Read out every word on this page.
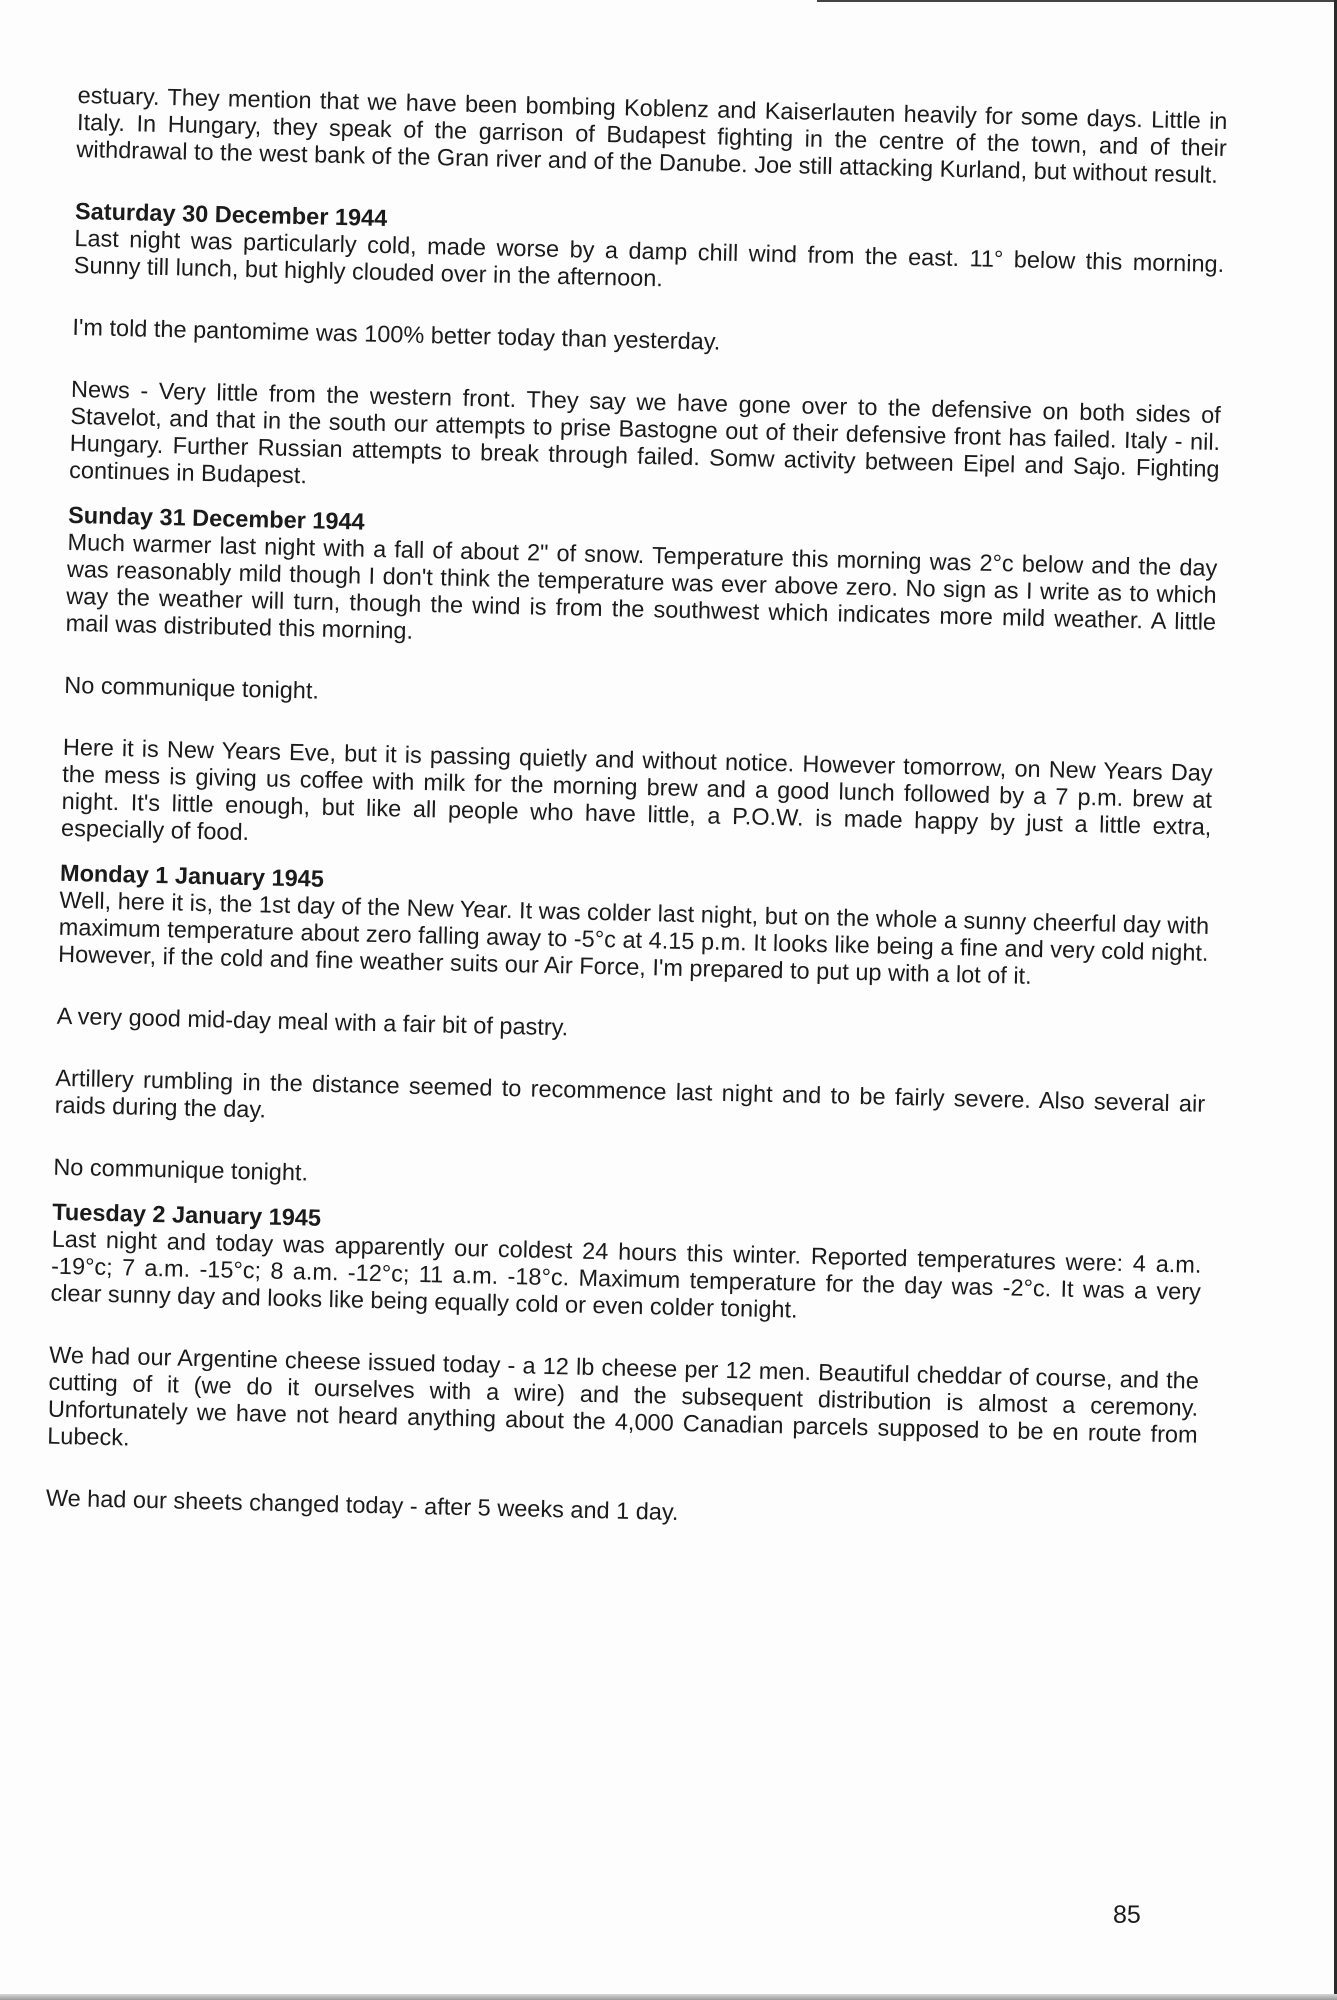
estuary. They mention that we have been bombing Koblenz and Kaiserlauten heavily for some days. Little in Italy. In Hungary, they speak of the garrison of Budapest fighting in the centre of the town, and of their withdrawal to the west bank of the Gran river and of the Danube. Joe still attacking Kurland, but without result.

Saturday 30 December 1944

Last night was particularly cold, made worse by a damp chill wind from the east. 11° below this morning. Sunny till lunch, but highly clouded over in the afternoon.

I'm told the pantomime was 100% better today than yesterday.

News - Very little from the western front. They say we have gone over to the defensive on both sides of Stavelot, and that in the south our attempts to prise Bastogne out of their defensive front has failed. Italy - nil. Hungary. Further Russian attempts to break through failed. Somw activity between Eipel and Sajo. Fighting continues in Budapest.

Sunday 31 December 1944

Much warmer last night with a fall of about 2" of snow. Temperature this morning was 2°c below and the day was reasonably mild though I don't think the temperature was ever above zero. No sign as I write as to which way the weather will turn, though the wind is from the southwest which indicates more mild weather. A little mail was distributed this morning.

No communique tonight.

Here it is New Years Eve, but it is passing quietly and without notice. However tomorrow, on New Years Day the mess is giving us coffee with milk for the morning brew and a good lunch followed by a 7 p.m. brew at night. It's little enough, but like all people who have little, a P.O.W. is made happy by just a little extra, especially of food.

Monday 1 January 1945

Well, here it is, the 1st day of the New Year. It was colder last night, but on the whole a sunny cheerful day with maximum temperature about zero falling away to -5°c at 4.15 p.m. It looks like being a fine and very cold night. However, if the cold and fine weather suits our Air Force, I'm prepared to put up with a lot of it.

A very good mid-day meal with a fair bit of pastry.

Artillery rumbling in the distance seemed to recommence last night and to be fairly severe. Also several air raids during the day.

No communique tonight.

Tuesday 2 January 1945

Last night and today was apparently our coldest 24 hours this winter. Reported temperatures were: 4 a.m. -19°c; 7 a.m. -15°c; 8 a.m. -12°c; 11 a.m. -18°c. Maximum temperature for the day was -2°c. It was a very clear sunny day and looks like being equally cold or even colder tonight.

We had our Argentine cheese issued today - a 12 lb cheese per 12 men. Beautiful cheddar of course, and the cutting of it (we do it ourselves with a wire) and the subsequent distribution is almost a ceremony. Unfortunately we have not heard anything about the 4,000 Canadian parcels supposed to be en route from Lubeck.

We had our sheets changed today - after 5 weeks and 1 day.

85
